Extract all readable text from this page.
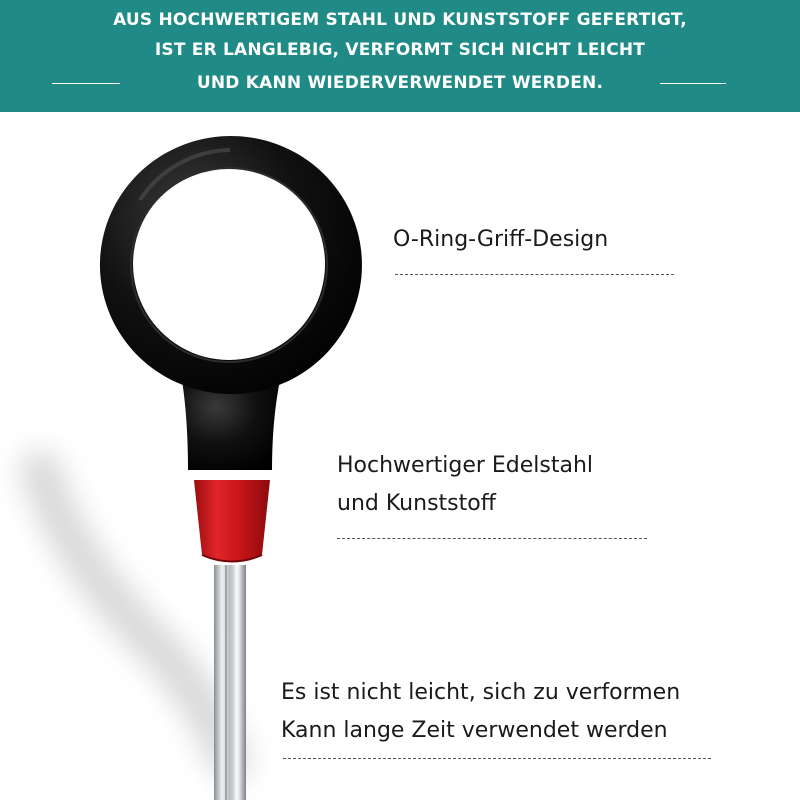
AUS HOCHWERTIGEM STAHL UND KUNSTSTOFF GEFERTIGT,
IST ER LANGLEBIG, VERFORMT SICH NICHT LEICHT
UND KANN WIEDERVERWENDET WERDEN.
O-Ring-Griff-Design
Hochwertiger Edelstahl
und Kunststoff
Es ist nicht leicht, sich zu verformen
Kann lange Zeit verwendet werden
